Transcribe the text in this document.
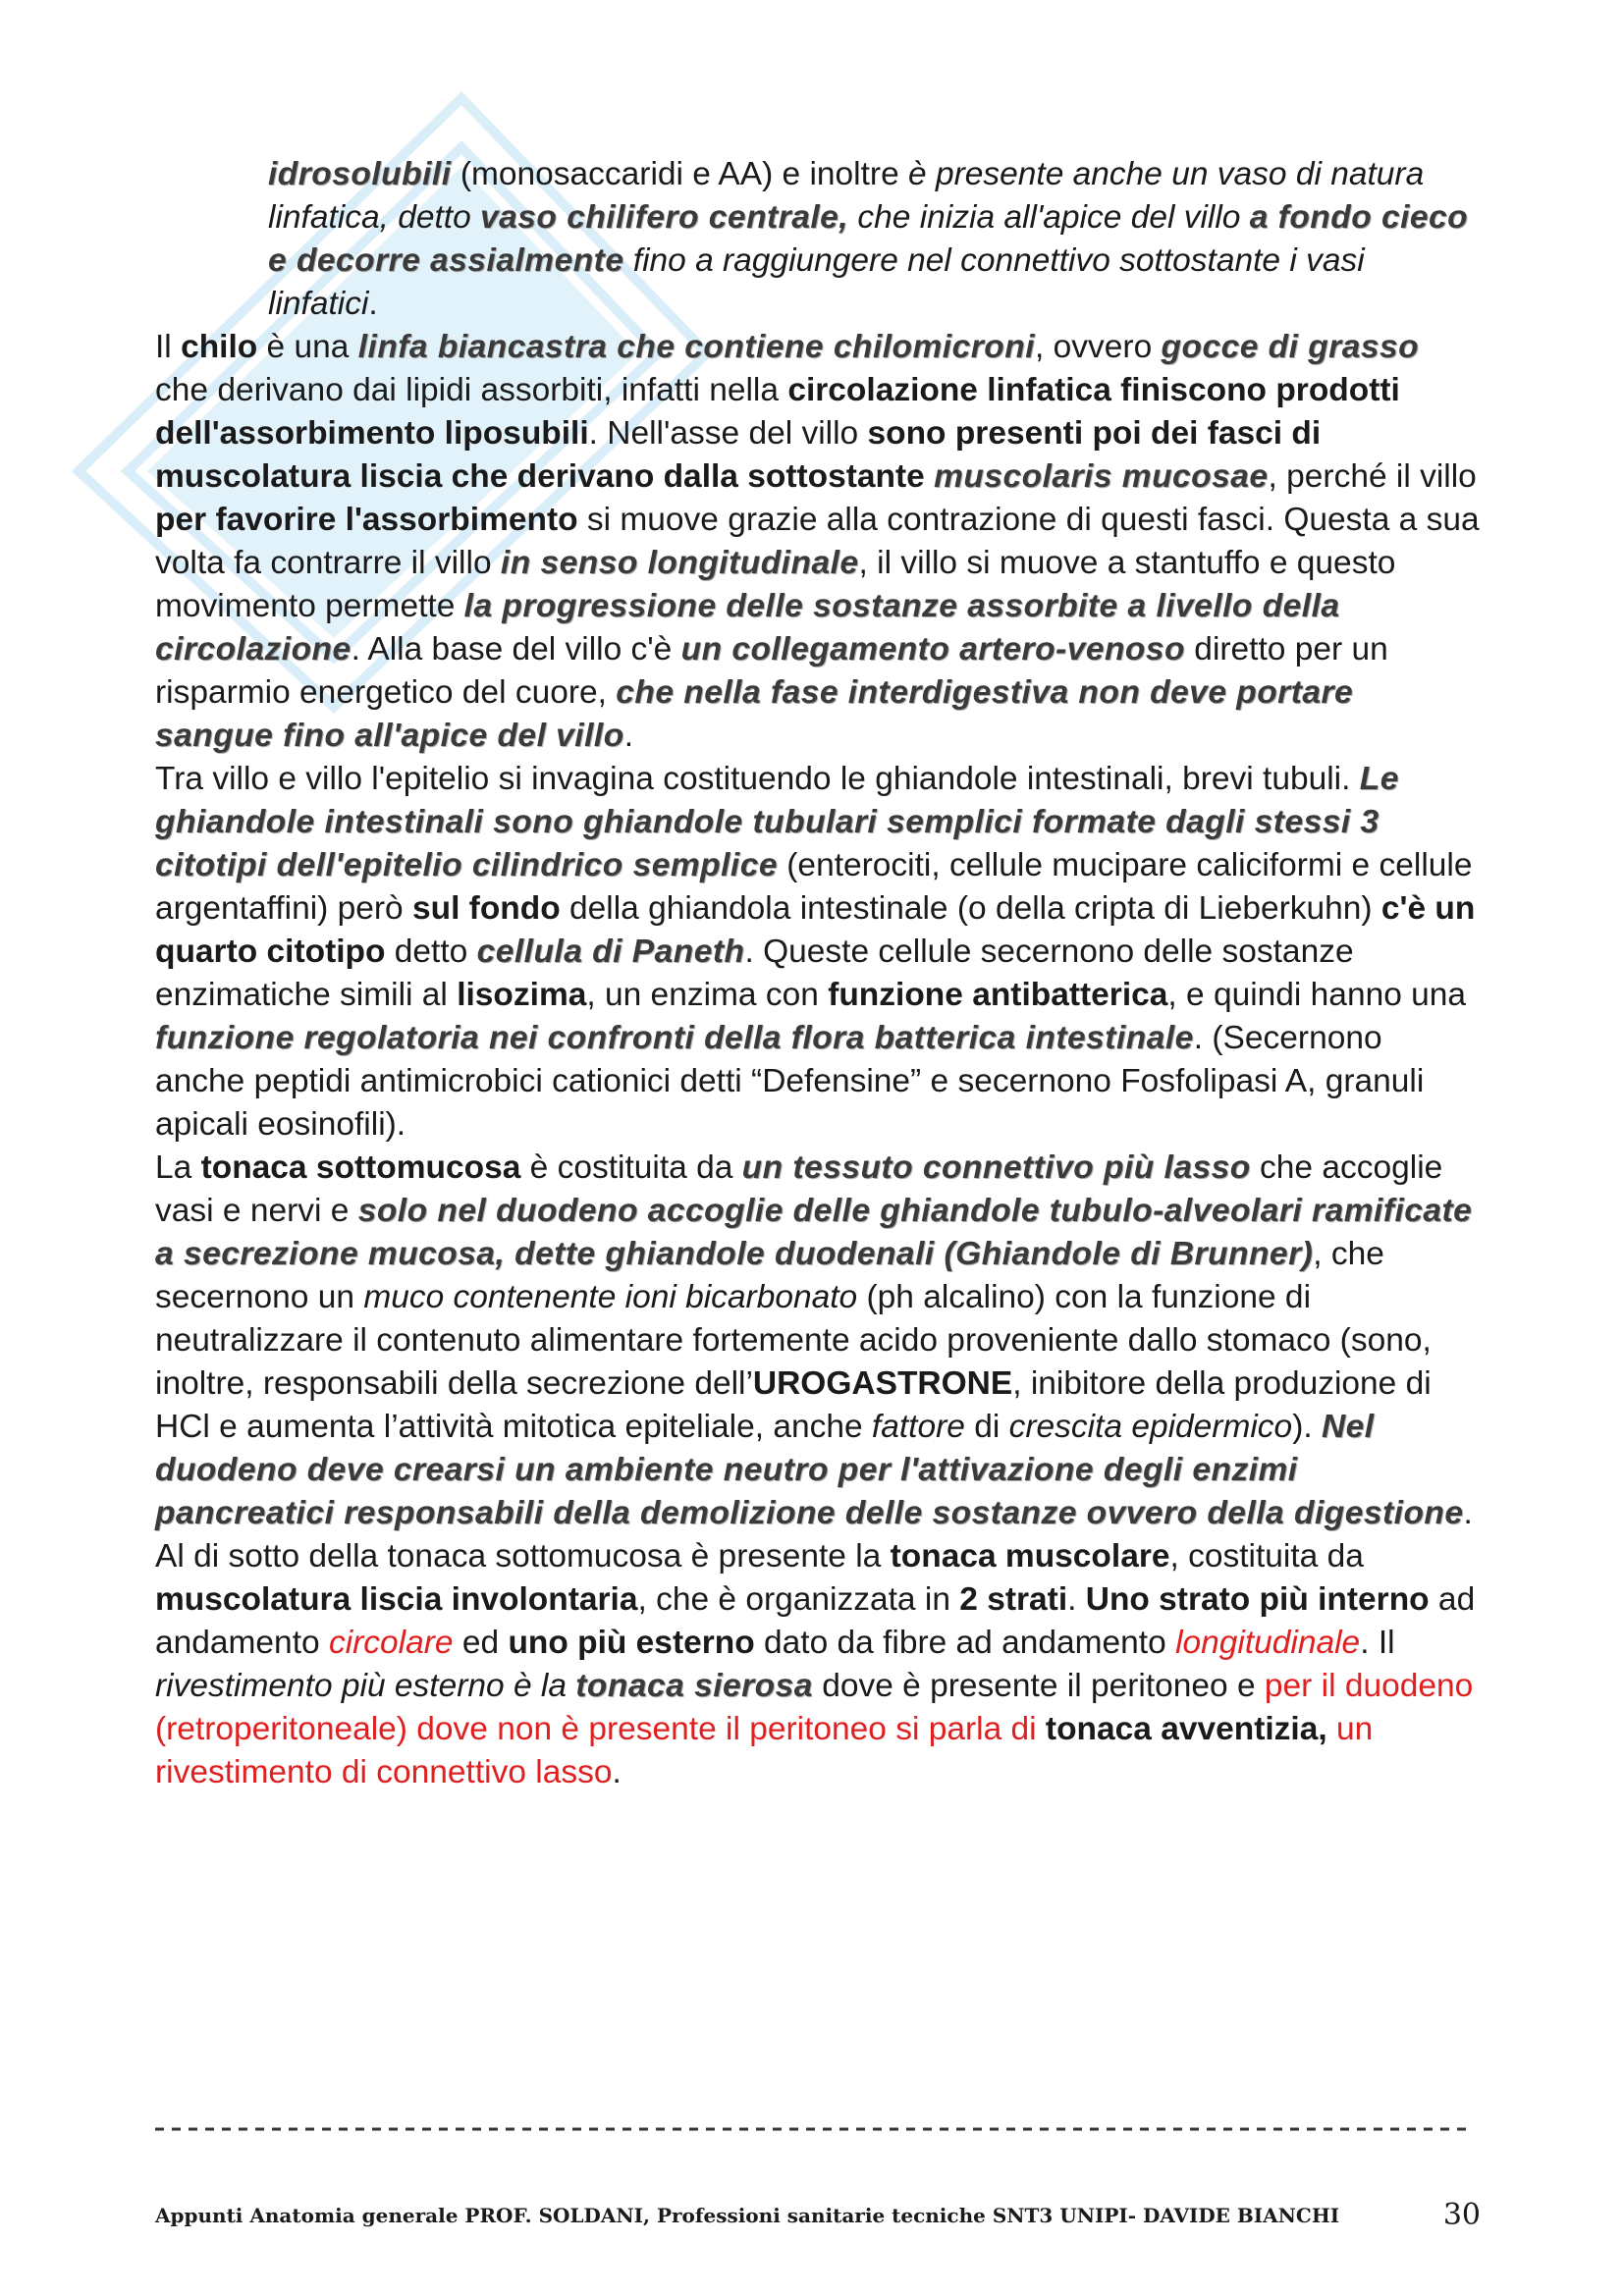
idrosolubili (monosaccaridi e AA) e inoltre è presente anche un vaso di natura linfatica, detto vaso chilifero centrale, che inizia all'apice del villo a fondo cieco e decorre assialmente fino a raggiungere nel connettivo sottostante i vasi linfatici.

Il chilo è una linfa biancastra che contiene chilomicroni, ovvero gocce di grasso che derivano dai lipidi assorbiti, infatti nella circolazione linfatica finiscono prodotti dell'assorbimento liposubili. Nell'asse del villo sono presenti poi dei fasci di muscolatura liscia che derivano dalla sottostante muscolaris mucosae, perché il villo per favorire l'assorbimento si muove grazie alla contrazione di questi fasci. Questa a sua volta fa contrarre il villo in senso longitudinale, il villo si muove a stantuffo e questo movimento permette la progressione delle sostanze assorbite a livello della circolazione. Alla base del villo c'è un collegamento artero-venoso diretto per un risparmio energetico del cuore, che nella fase interdigestiva non deve portare sangue fino all'apice del villo.

Tra villo e villo l'epitelio si invagina costituendo le ghiandole intestinali, brevi tubuli. Le ghiandole intestinali sono ghiandole tubulari semplici formate dagli stessi 3 citotipi dell'epitelio cilindrico semplice (enterociti, cellule mucipare caliciformi e cellule argentaffini) però sul fondo della ghiandola intestinale (o della cripta di Lieberkuhn) c'è un quarto citotipo detto cellula di Paneth. Queste cellule secernono delle sostanze enzimatiche simili al lisozima, un enzima con funzione antibatterica, e quindi hanno una funzione regolatoria nei confronti della flora batterica intestinale. (Secernono anche peptidi antimicrobici cationici detti “Defensine” e secernono Fosfolipasi A, granuli apicali eosinofili).

La tonaca sottomucosa è costituita da un tessuto connettivo più lasso che accoglie vasi e nervi e solo nel duodeno accoglie delle ghiandole tubulo-alveolari ramificate a secrezione mucosa, dette ghiandole duodenali (Ghiandole di Brunner), che secernono un muco contenente ioni bicarbonato (ph alcalino) con la funzione di neutralizzare il contenuto alimentare fortemente acido proveniente dallo stomaco (sono, inoltre, responsabili della secrezione dell’UROGASTRONE, inibitore della produzione di HCl e aumenta l’attività mitotica epiteliale, anche fattore di crescita epidermico). Nel duodeno deve crearsi un ambiente neutro per l'attivazione degli enzimi pancreatici responsabili della demolizione delle sostanze ovvero della digestione. Al di sotto della tonaca sottomucosa è presente la tonaca muscolare, costituita da muscolatura liscia involontaria, che è organizzata in 2 strati. Uno strato più interno ad andamento circolare ed uno più esterno dato da fibre ad andamento longitudinale. Il rivestimento più esterno è la tonaca sierosa dove è presente il peritoneo e per il duodeno (retroperitoneale) dove non è presente il peritoneo si parla di tonaca avventizia, un rivestimento di connettivo lasso.

Appunti Anatomia generale PROF. SOLDANI, Professioni sanitarie tecniche SNT3 UNIPI- DAVIDE BIANCHI	30
